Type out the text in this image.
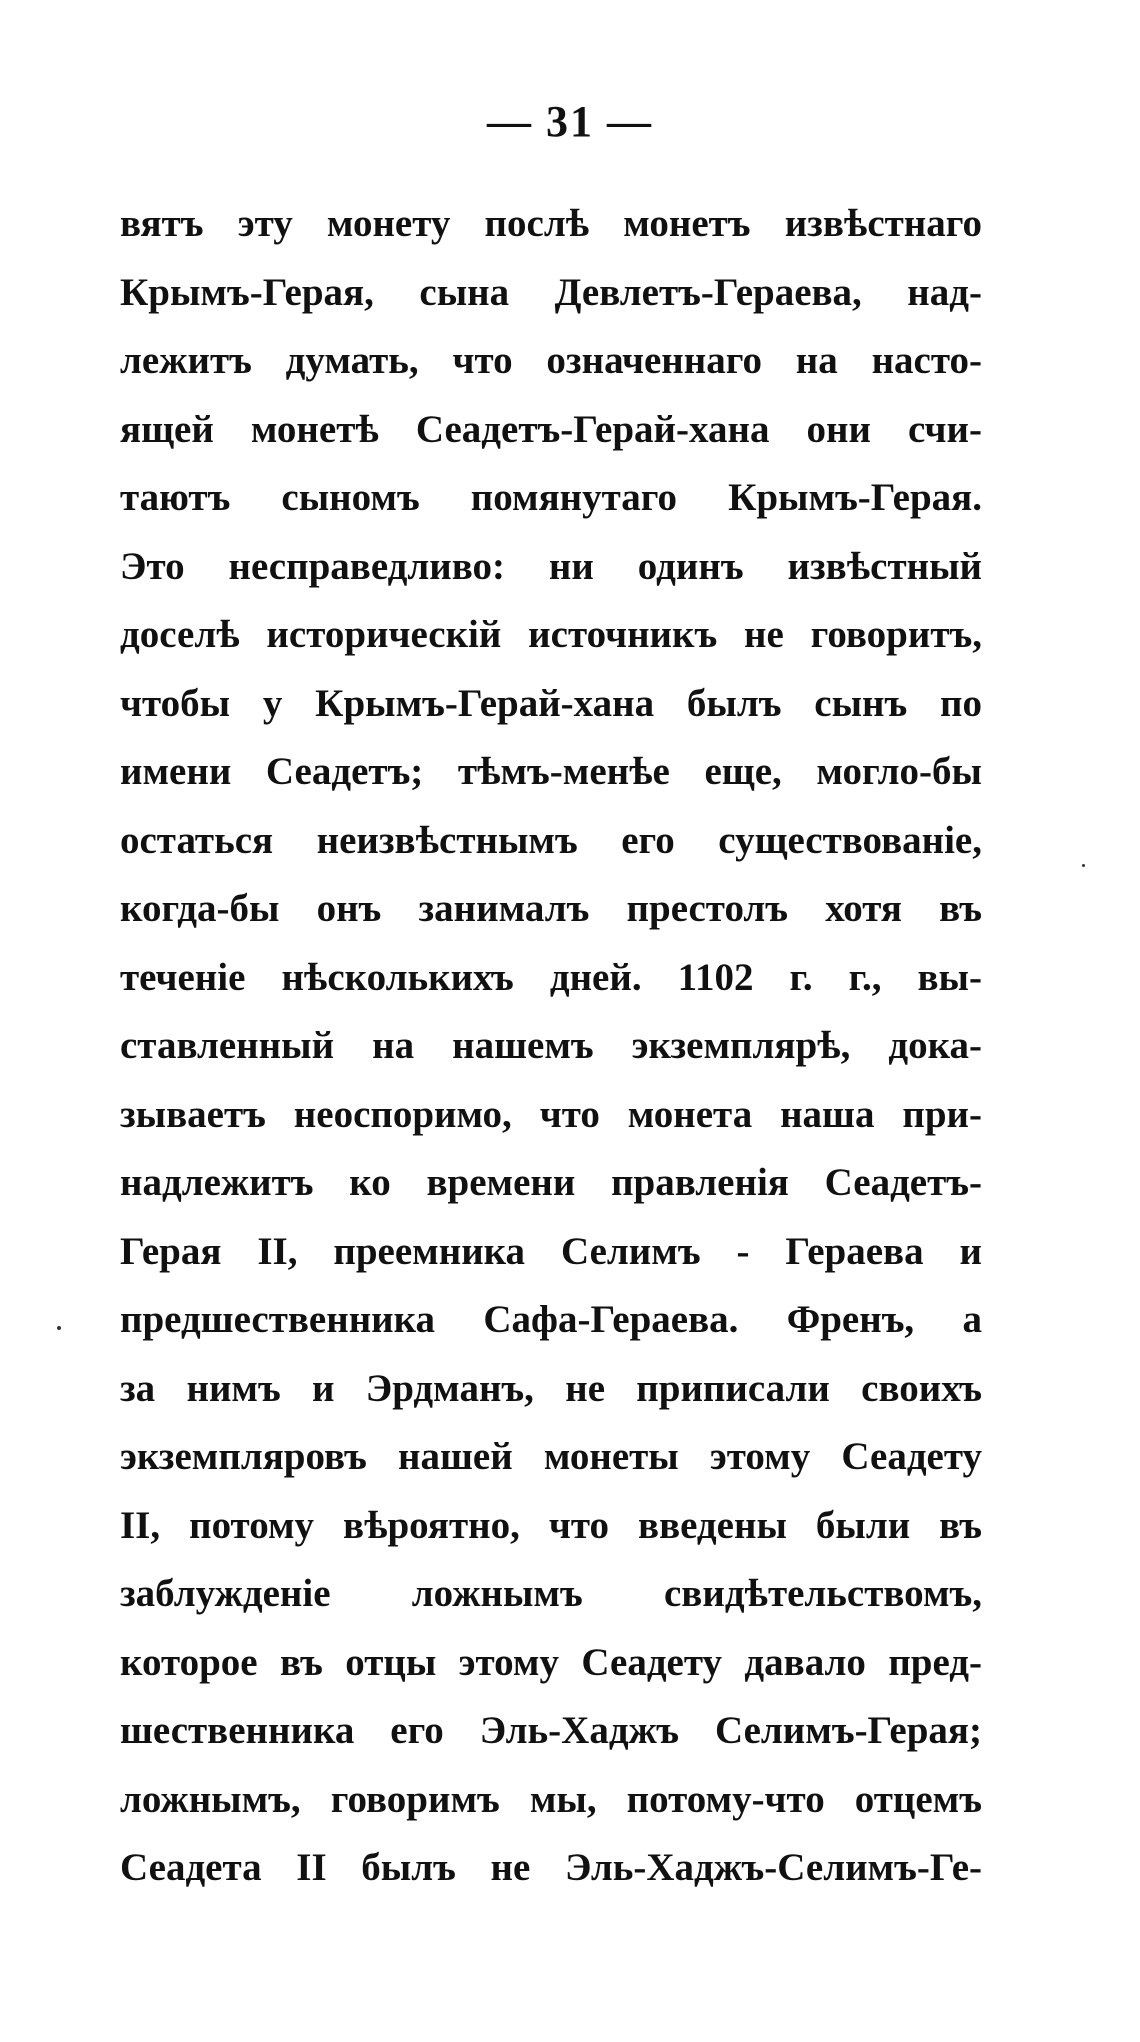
— 31 —
вятъ эту монету послѣ монетъ извѣстнаго
Крымъ-Герая, сына Девлетъ-Гераева, над-
лежитъ думать, что означеннаго на насто-
ящей монетѣ Сеадетъ-Герай-хана они счи-
таютъ сыномъ помянутаго Крымъ-Герая.
Это несправедливо: ни одинъ извѣстный
доселѣ историческій источникъ не говоритъ,
чтобы у Крымъ-Герай-хана былъ сынъ по
имени Сеадетъ; тѣмъ-менѣе еще, могло-бы
остаться неизвѣстнымъ его существованіе,
когда-бы онъ занималъ престолъ хотя въ
теченіе нѣсколькихъ дней. 1102 г. г., вы-
ставленный на нашемъ экземплярѣ, дока-
зываетъ неоспоримо, что монета наша при-
надлежитъ ко времени правленія Сеадетъ-
Герая II, преемника Селимъ - Гераева и
предшественника Сафа-Гераева. Френъ, а
за нимъ и Эрдманъ, не приписали своихъ
экземпляровъ нашей монеты этому Сеадету
II, потому вѣроятно, что введены были въ
заблужденіе ложнымъ свидѣтельствомъ,
которое въ отцы этому Сеадету давало пред-
шественника его Эль-Хаджъ Селимъ-Герая;
ложнымъ, говоримъ мы, потому-что отцемъ
Сеадета II былъ не Эль-Хаджъ-Селимъ-Ге-
